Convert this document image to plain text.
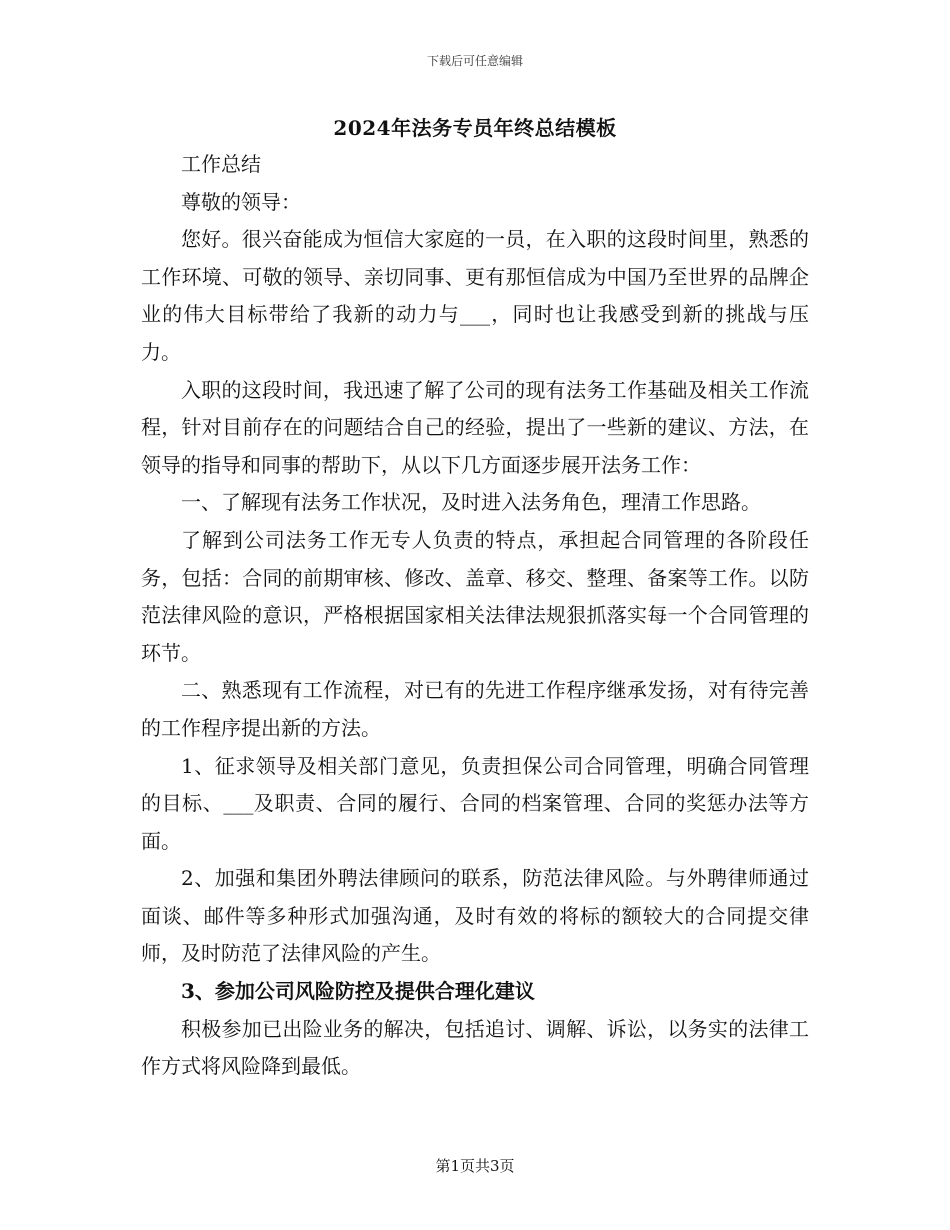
下载后可任意编辑
2024年法务专员年终总结模板

工作总结

尊敬的领导：

您好。很兴奋能成为恒信大家庭的一员，在入职的这段时间里，熟悉的工作环境、可敬的领导、亲切同事、更有那恒信成为中国乃至世界的品牌企业的伟大目标带给了我新的动力与___，同时也让我感受到新的挑战与压力。

入职的这段时间，我迅速了解了公司的现有法务工作基础及相关工作流程，针对目前存在的问题结合自己的经验，提出了一些新的建议、方法，在领导的指导和同事的帮助下，从以下几方面逐步展开法务工作：

一、了解现有法务工作状况，及时进入法务角色，理清工作思路。

了解到公司法务工作无专人负责的特点，承担起合同管理的各阶段任务，包括：合同的前期审核、修改、盖章、移交、整理、备案等工作。以防范法律风险的意识，严格根据国家相关法律法规狠抓落实每一个合同管理的环节。

二、熟悉现有工作流程，对已有的先进工作程序继承发扬，对有待完善的工作程序提出新的方法。

1、征求领导及相关部门意见，负责担保公司合同管理，明确合同管理的目标、___及职责、合同的履行、合同的档案管理、合同的奖惩办法等方面。

2、加强和集团外聘法律顾问的联系，防范法律风险。与外聘律师通过面谈、邮件等多种形式加强沟通，及时有效的将标的额较大的合同提交律师，及时防范了法律风险的产生。

3、参加公司风险防控及提供合理化建议

积极参加已出险业务的解决，包括追讨、调解、诉讼，以务实的法律工作方式将风险降到最低。

第1页共3页
